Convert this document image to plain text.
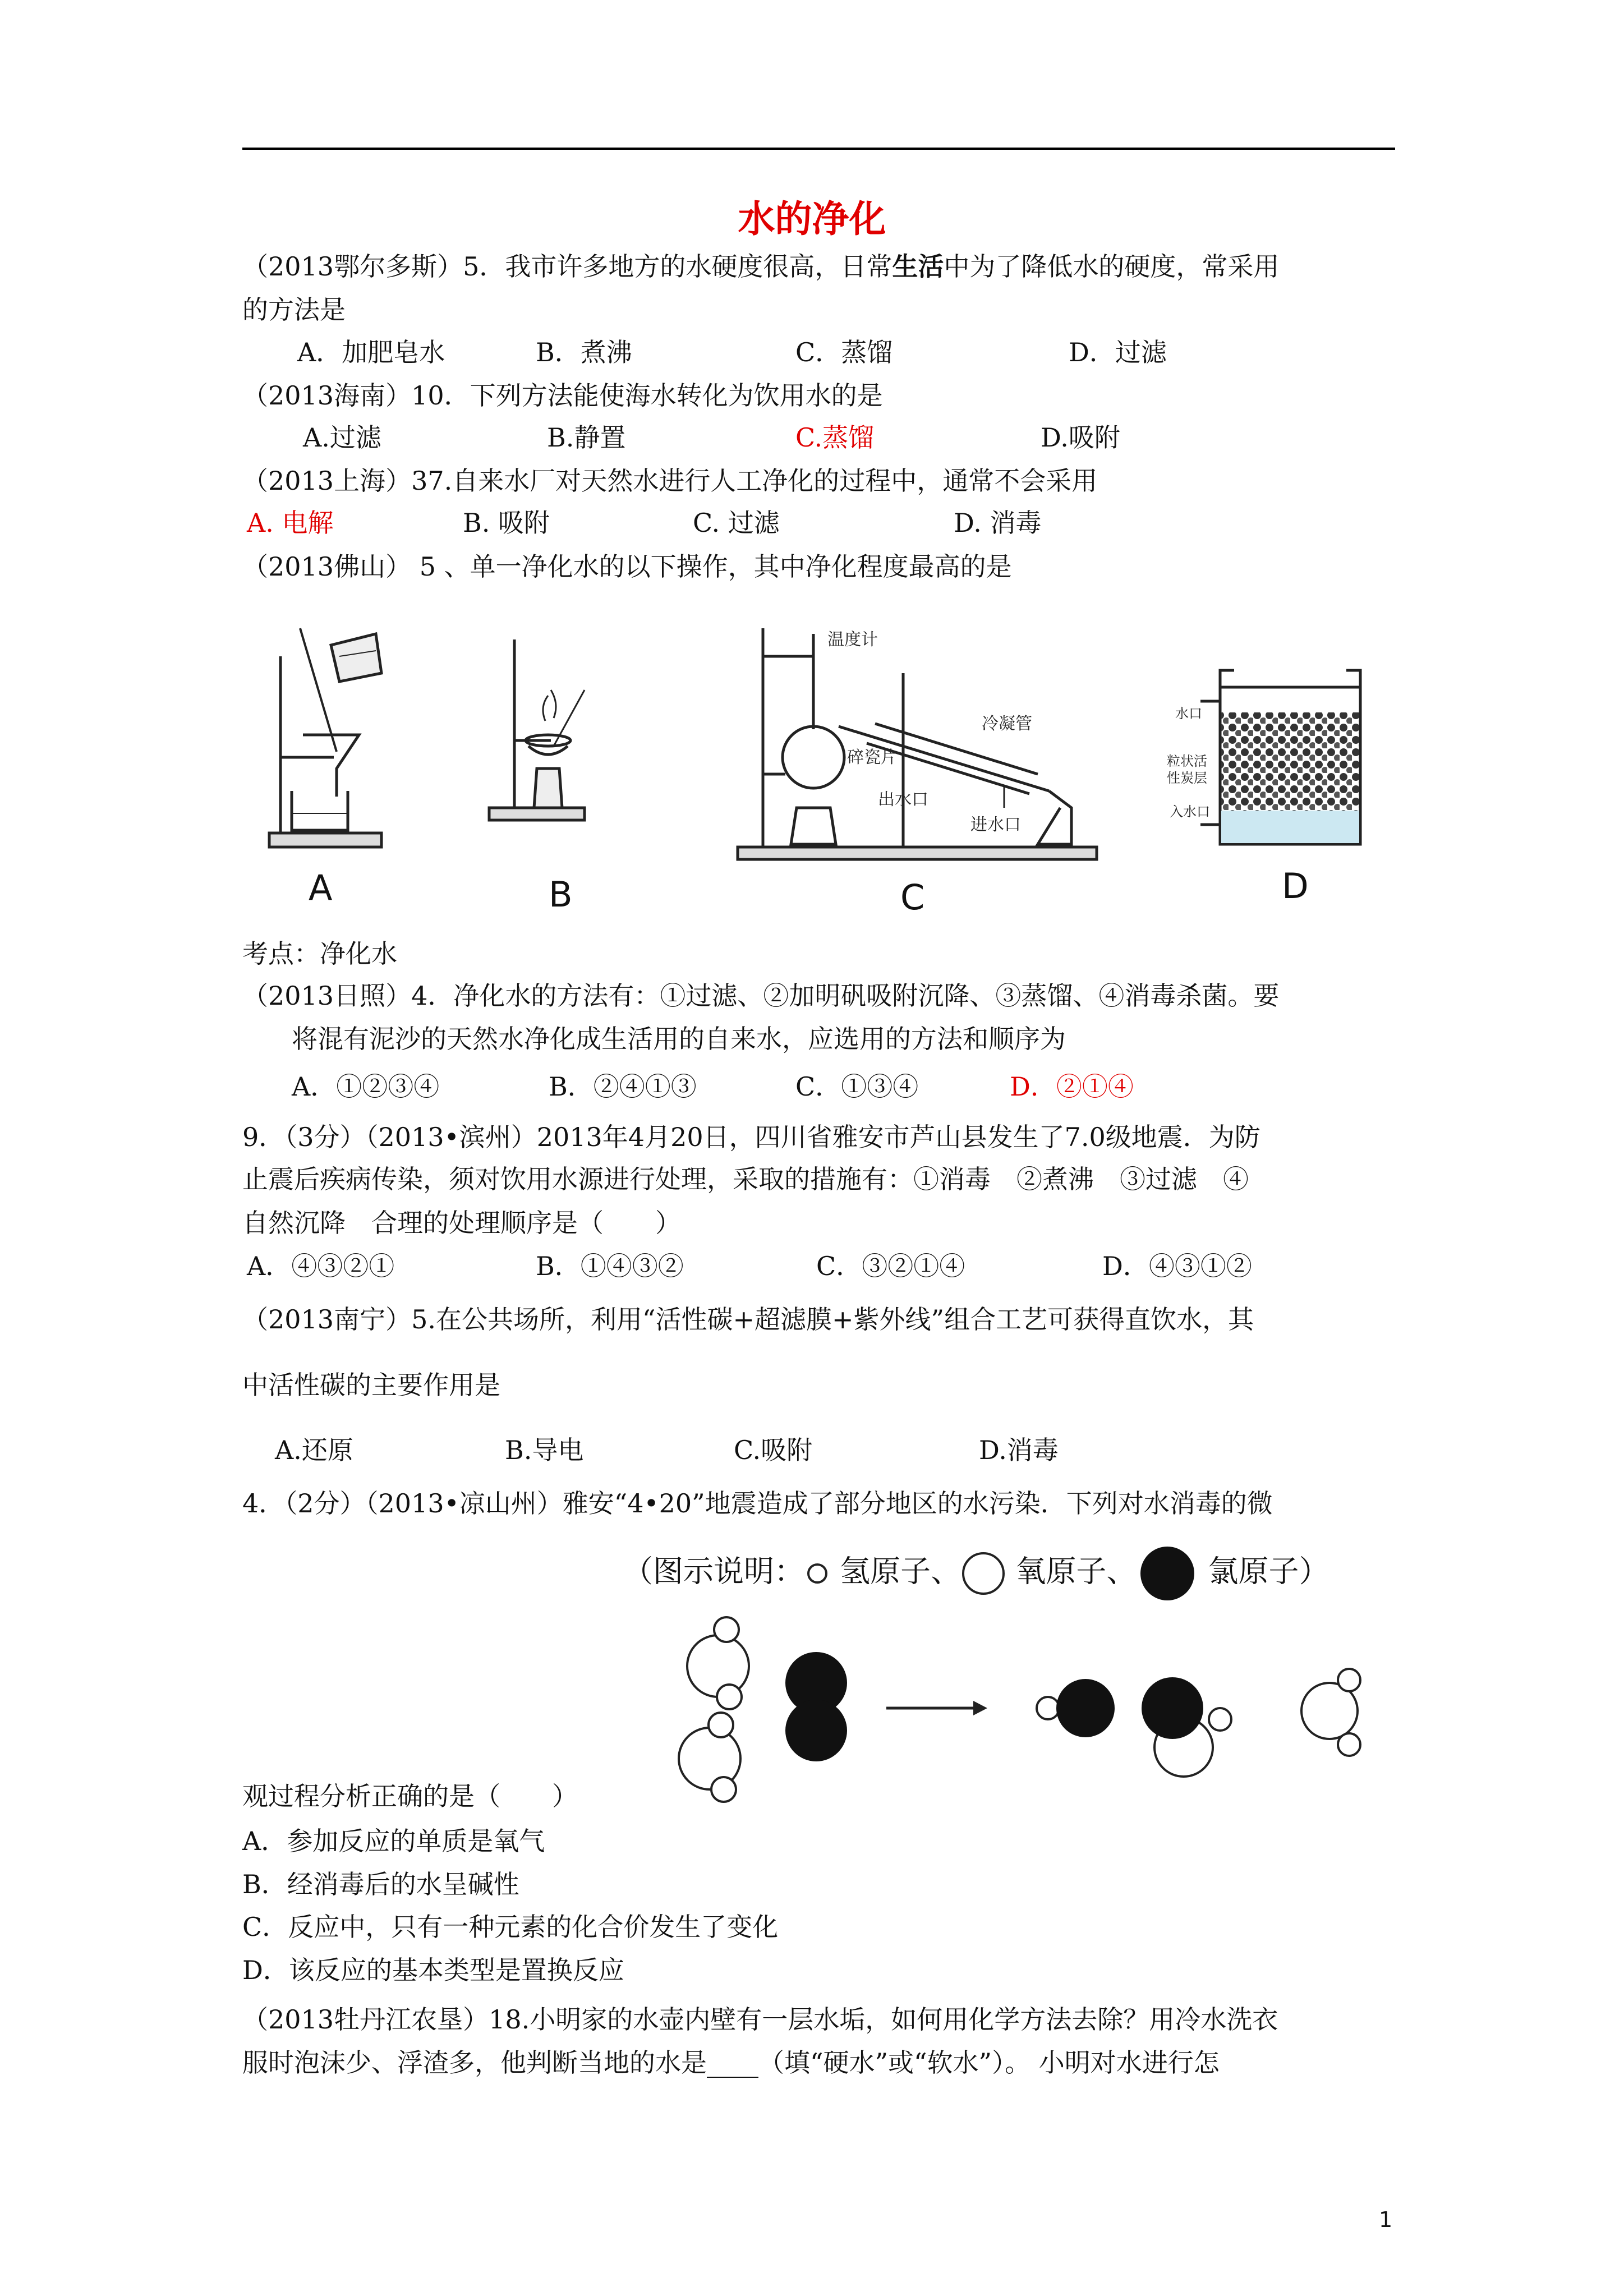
水的净化
（2013鄂尔多斯）5．我市许多地方的水硬度很高，日常生活中为了降低水的硬度，常采用
的方法是
A．加肥皂水	B．煮沸	C．蒸馏	D．过滤
（2013海南）10．下列方法能使海水转化为饮用水的是
A.过滤	B.静置	C.蒸馏	D.吸附
（2013上海）37.自来水厂对天然水进行人工净化的过程中，通常不会采用
A. 电解	B. 吸附	C. 过滤	D. 消毒
（2013佛山） 5 、单一净化水的以下操作，其中净化程度最高的是
A	B
温度计
冷凝管
碎瓷片
出水口
进水口
C
水口
粒状活
性炭层
入水口
D
考点：净化水
（2013日照）4．净化水的方法有：①过滤、②加明矾吸附沉降、③蒸馏、④消毒杀菌。要
将混有泥沙的天然水净化成生活用的自来水，应选用的方法和顺序为
A．①②③④	B．②④①③	C．①③④	D．②①④
9．（3分）（2013•滨州）2013年4月20日，四川省雅安市芦山县发生了7.0级地震．为防
止震后疾病传染，须对饮用水源进行处理，采取的措施有：①消毒　②煮沸　③过滤　④
自然沉降　合理的处理顺序是（　　）
A．④③②①	B．①④③②	C．③②①④	D．④③①②
（2013南宁）5.在公共场所，利用“活性碳+超滤膜+紫外线”组合工艺可获得直饮水，其
中活性碳的主要作用是
A.还原	B.导电	C.吸附	D.消毒
4．（2分）（2013•凉山州）雅安“4•20”地震造成了部分地区的水污染．下列对水消毒的微
（图示说明： 氢原子、 氧原子、 氯原子）
观过程分析正确的是（　　）
A．参加反应的单质是氧气
B．经消毒后的水呈碱性
C．反应中，只有一种元素的化合价发生了变化
D．该反应的基本类型是置换反应
（2013牡丹江农垦）18.小明家的水壶内壁有一层水垢，如何用化学方法去除？用冷水洗衣
服时泡沫少、浮渣多，他判断当地的水是____（填“硬水”或“软水”）。 小明对水进行怎
1
